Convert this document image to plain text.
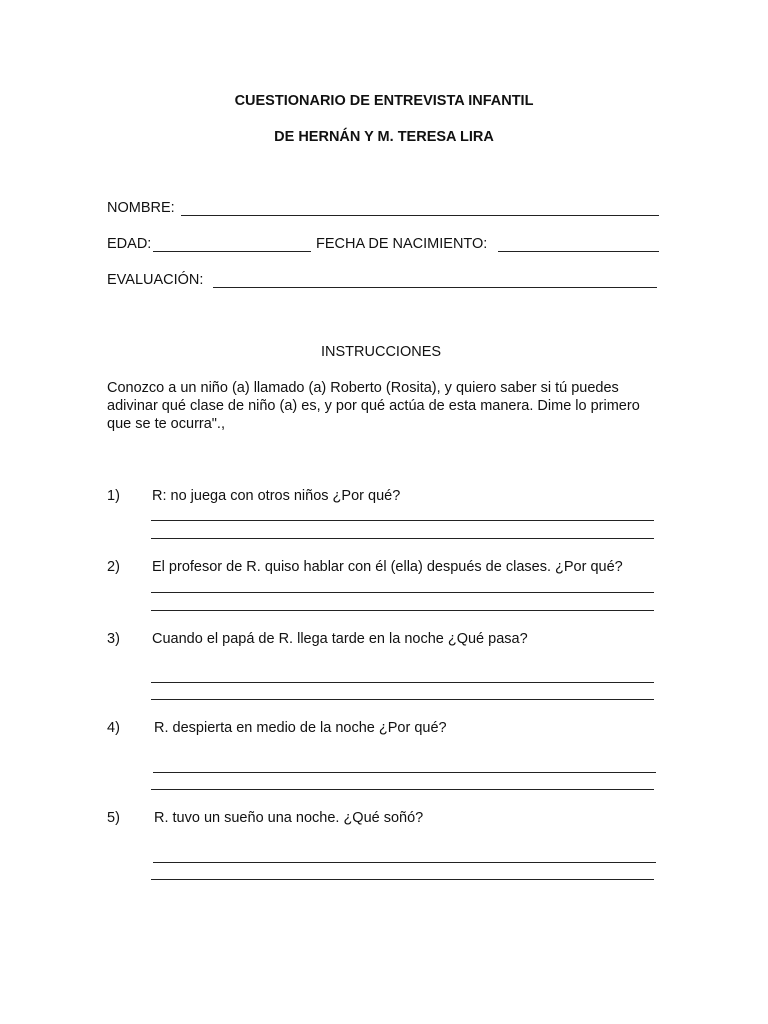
CUESTIONARIO DE ENTREVISTA INFANTIL
DE HERNÁN Y M. TERESA LIRA
NOMBRE:
EDAD:	FECHA DE NACIMIENTO:
EVALUACIÓN:
INSTRUCCIONES
Conozco a un niño (a) llamado (a) Roberto (Rosita), y quiero saber si tú puedes adivinar qué clase de niño (a) es, y por qué actúa de esta manera. Dime lo primero que se te ocurra".,
1) R: no juega con otros niños ¿Por qué?
2) El profesor de R. quiso hablar con él (ella) después de clases. ¿Por qué?
3) Cuando el papá de R. llega tarde en la noche ¿Qué pasa?
4) R. despierta en medio de la noche ¿Por qué?
5) R. tuvo un sueño una noche. ¿Qué soñó?
